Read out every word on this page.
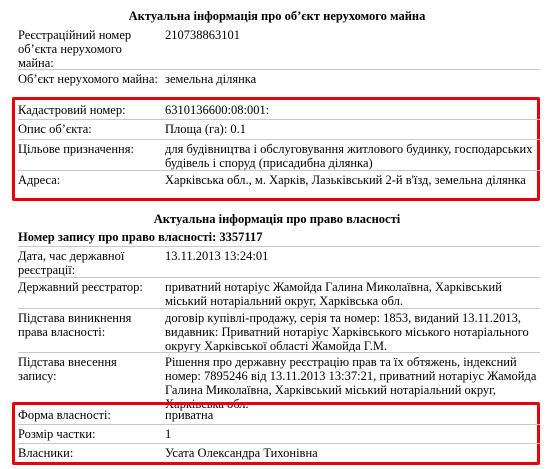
Актуальна інформація про об’єкт нерухомого майна
Реєстраційний номер об’єкта нерухомого майна:
210738863101
Об’єкт нерухомого майна: земельна ділянка
Кадастровий номер:	6310136600:08:001:
Опис об’єкта:	Площа (га): 0.1
Цільове призначення:	для будівництва і обслуговування житлового будинку, господарських будівель і споруд (присадибна ділянка)
Адреса:	Харківська обл., м. Харків, Лазьківський 2-й в'їзд, земельна ділянка
Актуальна інформація про право власності
Номер запису про право власності: 3357117
Дата, час державної реєстрації:
13.11.2013 13:24:01
Державний реєстратор:	приватний нотаріус Жамойда Галина Миколаївна, Харківський міський нотаріальний округ, Харківська обл.
Підстава виникнення права власності:
договір купівлі-продажу, серія та номер: 1853, виданий 13.11.2013, видавник: Приватний нотаріус Харківського міського нотаріального округу Харківської області Жамойда Г.М.
Підстава внесення запису:
Рішення про державну реєстрацію прав та їх обтяжень, індексний номер: 7895246 від 13.11.2013 13:37:21, приватний нотаріус Жамойда Галина Миколаївна, Харківський міський нотаріальний округ, Харківська обл.
Форма власності:	приватна
Розмір частки:	1
Власники:	Усата Олександра Тихонівна
